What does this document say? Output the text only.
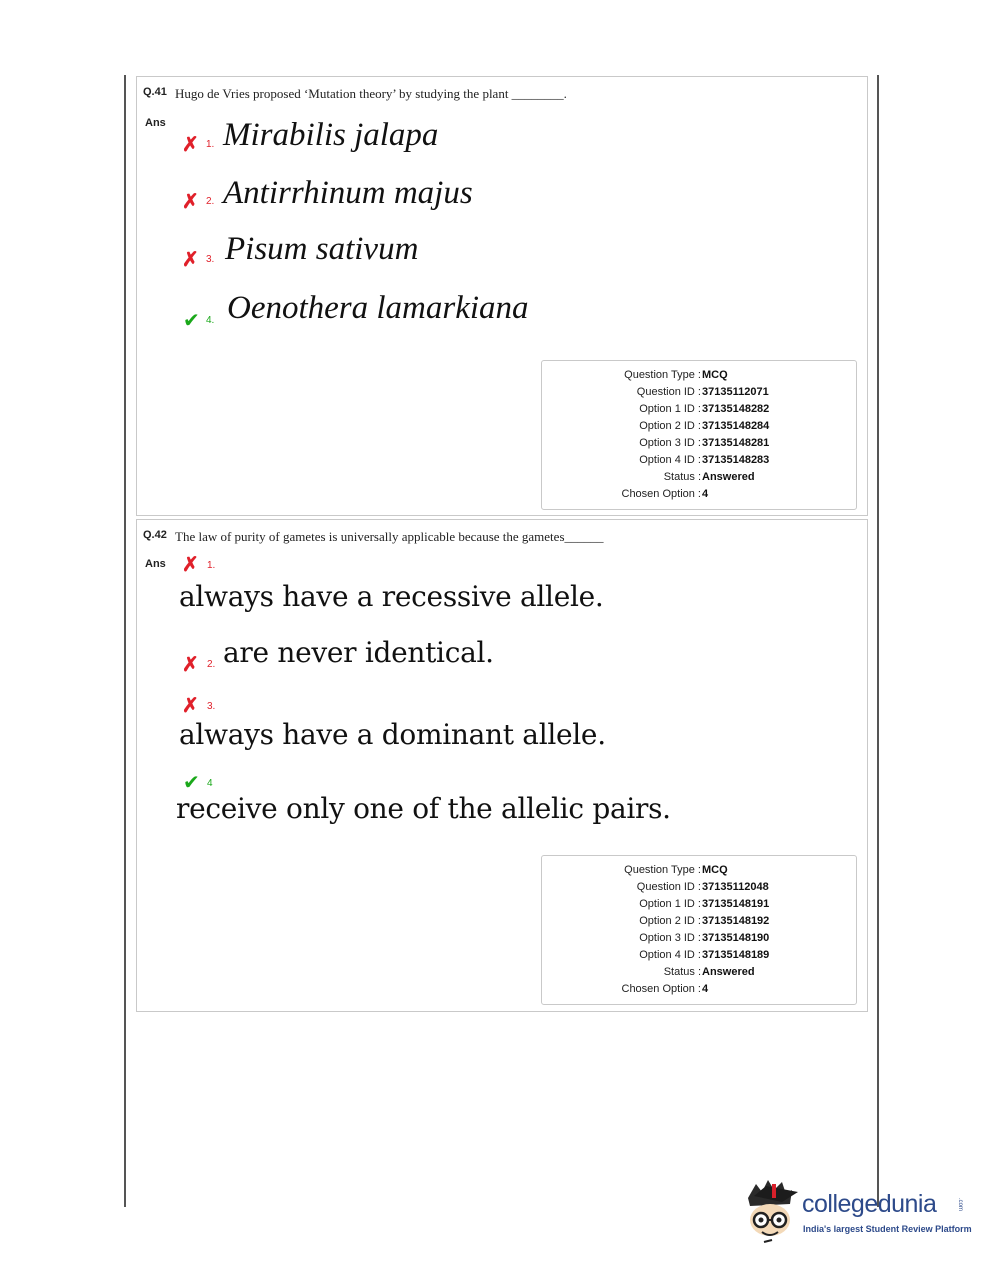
Q.41 Hugo de Vries proposed ‘Mutation theory’ by studying the plant ________.
Ans
✗ 1. Mirabilis jalapa
✗ 2. Antirrhinum majus
✗ 3. Pisum sativum
✔ 4. Oenothera lamarkiana
Question Type : MCQ
Question ID : 37135112071
Option 1 ID : 37135148282
Option 2 ID : 37135148284
Option 3 ID : 37135148281
Option 4 ID : 37135148283
Status : Answered
Chosen Option : 4
Q.42 The law of purity of gametes is universally applicable because the gametes______
Ans ✗ 1.
always have a recessive allele.
✗ 2. are never identical.
✗ 3.
always have a dominant allele.
✔ 4
receive only one of the allelic pairs.
Question Type : MCQ
Question ID : 37135112048
Option 1 ID : 37135148191
Option 2 ID : 37135148192
Option 3 ID : 37135148190
Option 4 ID : 37135148189
Status : Answered
Chosen Option : 4
collegedunia	.com
India's largest Student Review Platform
